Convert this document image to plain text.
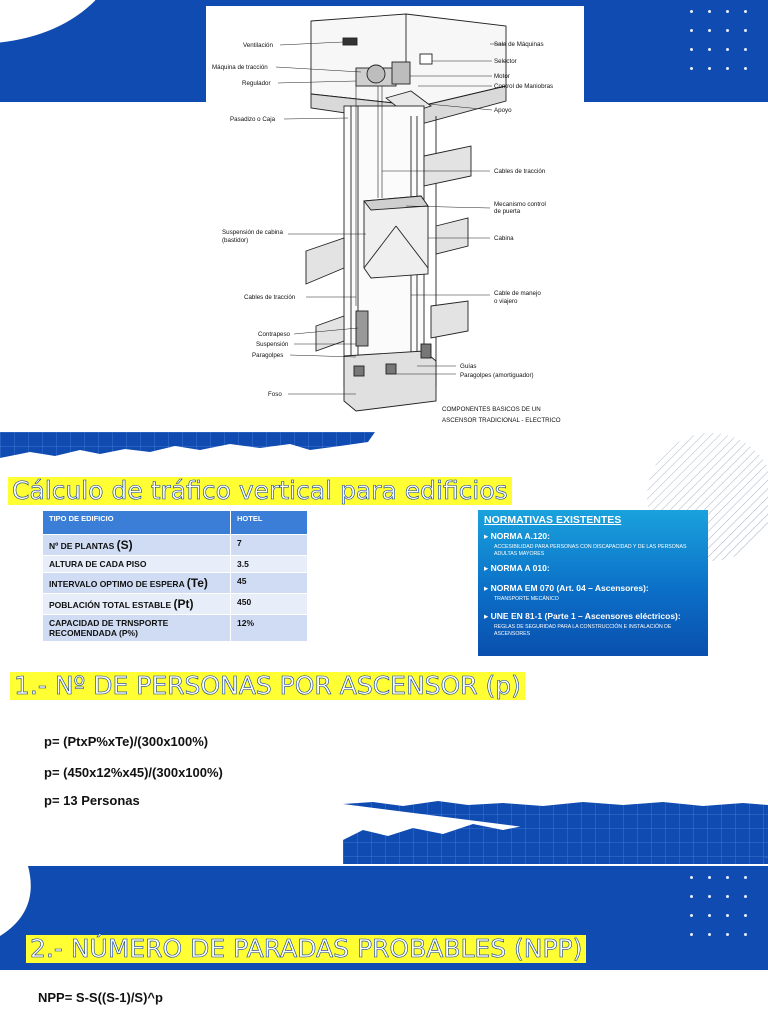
Ventilación
Máquina de tracción
Regulador
Pasadizo o Caja
Suspensión de cabina
(bastidor)
Cables de tracción
Contrapeso
Suspensión
Paragolpes
Foso
Sala de Máquinas
Selector
Motor
Control de Maniobras
Apoyo
Cables de tracción
Mecanismo control
de puerta
Cabina
Cable de manejo
o viajero
Guías
Paragolpes (amortiguador)
COMPONENTES BASICOS DE UN
ASCENSOR TRADICIONAL - ELECTRICO
Cálculo de tráfico vertical para edificios
TIPO DE EDIFICIO	HOTEL
Nº DE PLANTAS (S)	7
ALTURA DE CADA PISO	3.5
INTERVALO OPTIMO DE ESPERA (Te)	45
POBLACIÓN TOTAL ESTABLE (Pt)	450
CAPACIDAD DE TRNSPORTE RECOMENDADA (P%)	12%
NORMATIVAS EXISTENTES
▸ NORMA A.120:
ACCESIBILIDAD PARA PERSONAS CON DISCAPACIDAD Y DE LAS PERSONAS ADULTAS MAYORES
▸ NORMA A 010:
▸ NORMA EM 070 (Art. 04 – Ascensores):
TRANSPORTE MECÁNICO
▸ UNE EN 81-1 (Parte 1 – Ascensores eléctricos):
REGLAS DE SEGURIDAD PARA LA CONSTRUCCIÓN E INSTALACIÓN DE ASCENSORES
1.- Nº DE PERSONAS POR ASCENSOR (p)
p= (PtxP%xTe)/(300x100%)
p= (450x12%x45)/(300x100%)
p= 13 Personas
2.- NÚMERO DE PARADAS PROBABLES (NPP)
NPP= S-S((S-1)/S)^p
